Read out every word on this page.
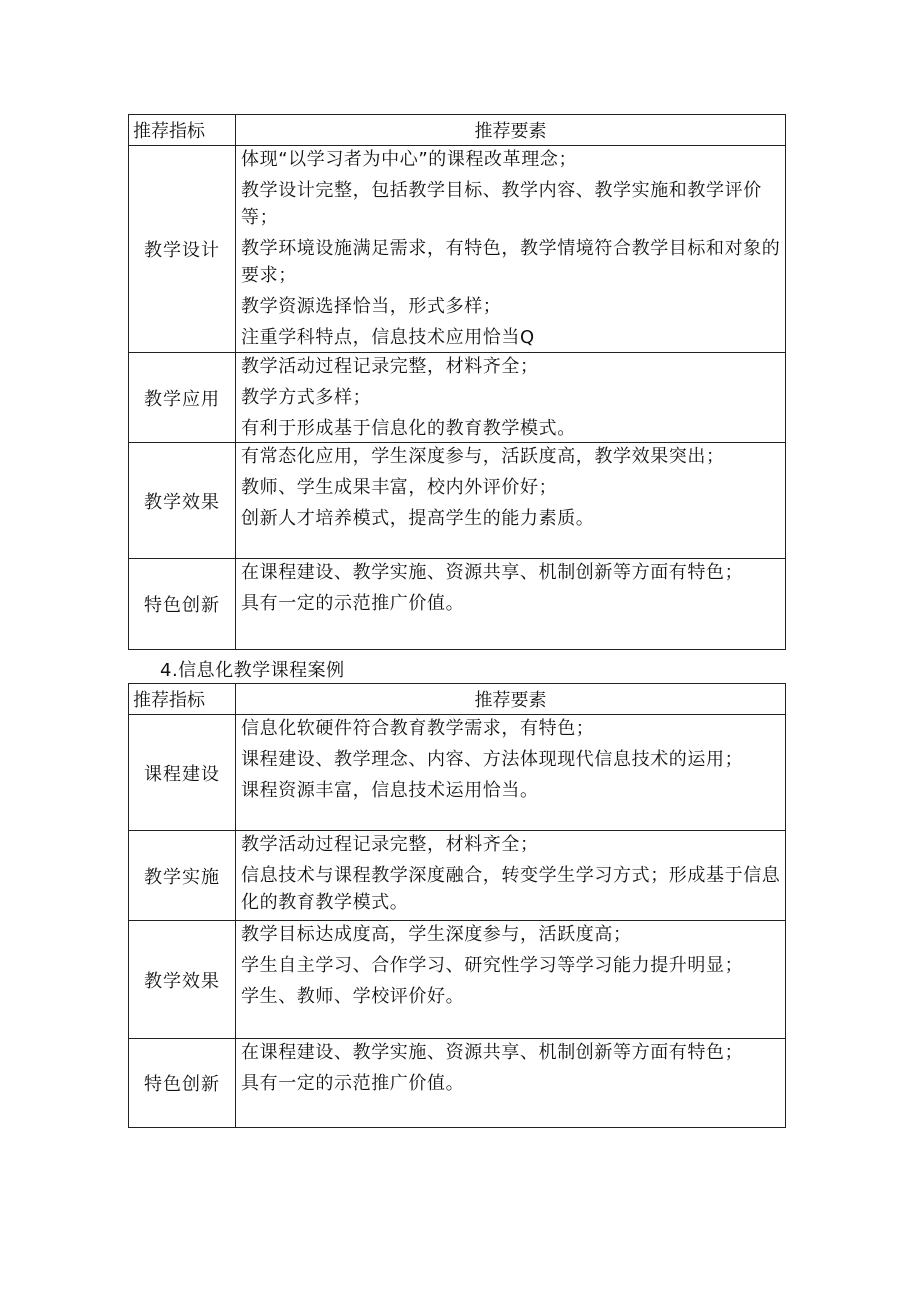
推荐指标	推荐要素
教学设计	体现“以学习者为中心”的课程改革理念；

教学设计完整，包括教学目标、教学内容、教学实施和教学评价等；

教学环境设施满足需求，有特色，教学情境符合教学目标和对象的要求；

教学资源选择恰当，形式多样；

注重学科特点，信息技术应用恰当Q

教学应用	教学活动过程记录完整，材料齐全；

教学方式多样；

有利于形成基于信息化的教育教学模式。

教学效果	有常态化应用，学生深度参与，活跃度高，教学效果突出；

教师、学生成果丰富，校内外评价好；

创新人才培养模式，提高学生的能力素质。

特色创新	在课程建设、教学实施、资源共享、机制创新等方面有特色；

具有一定的示范推广价值。

4.信息化教学课程案例

推荐指标	推荐要素
课程建设	信息化软硬件符合教育教学需求，有特色；

课程建设、教学理念、内容、方法体现现代信息技术的运用；

课程资源丰富，信息技术运用恰当。

教学实施	教学活动过程记录完整，材料齐全；

信息技术与课程教学深度融合，转变学生学习方式；形成基于信息化的教育教学模式。

教学效果	教学目标达成度高，学生深度参与，活跃度高；

学生自主学习、合作学习、研究性学习等学习能力提升明显；

学生、教师、学校评价好。

特色创新	在课程建设、教学实施、资源共享、机制创新等方面有特色；

具有一定的示范推广价值。
